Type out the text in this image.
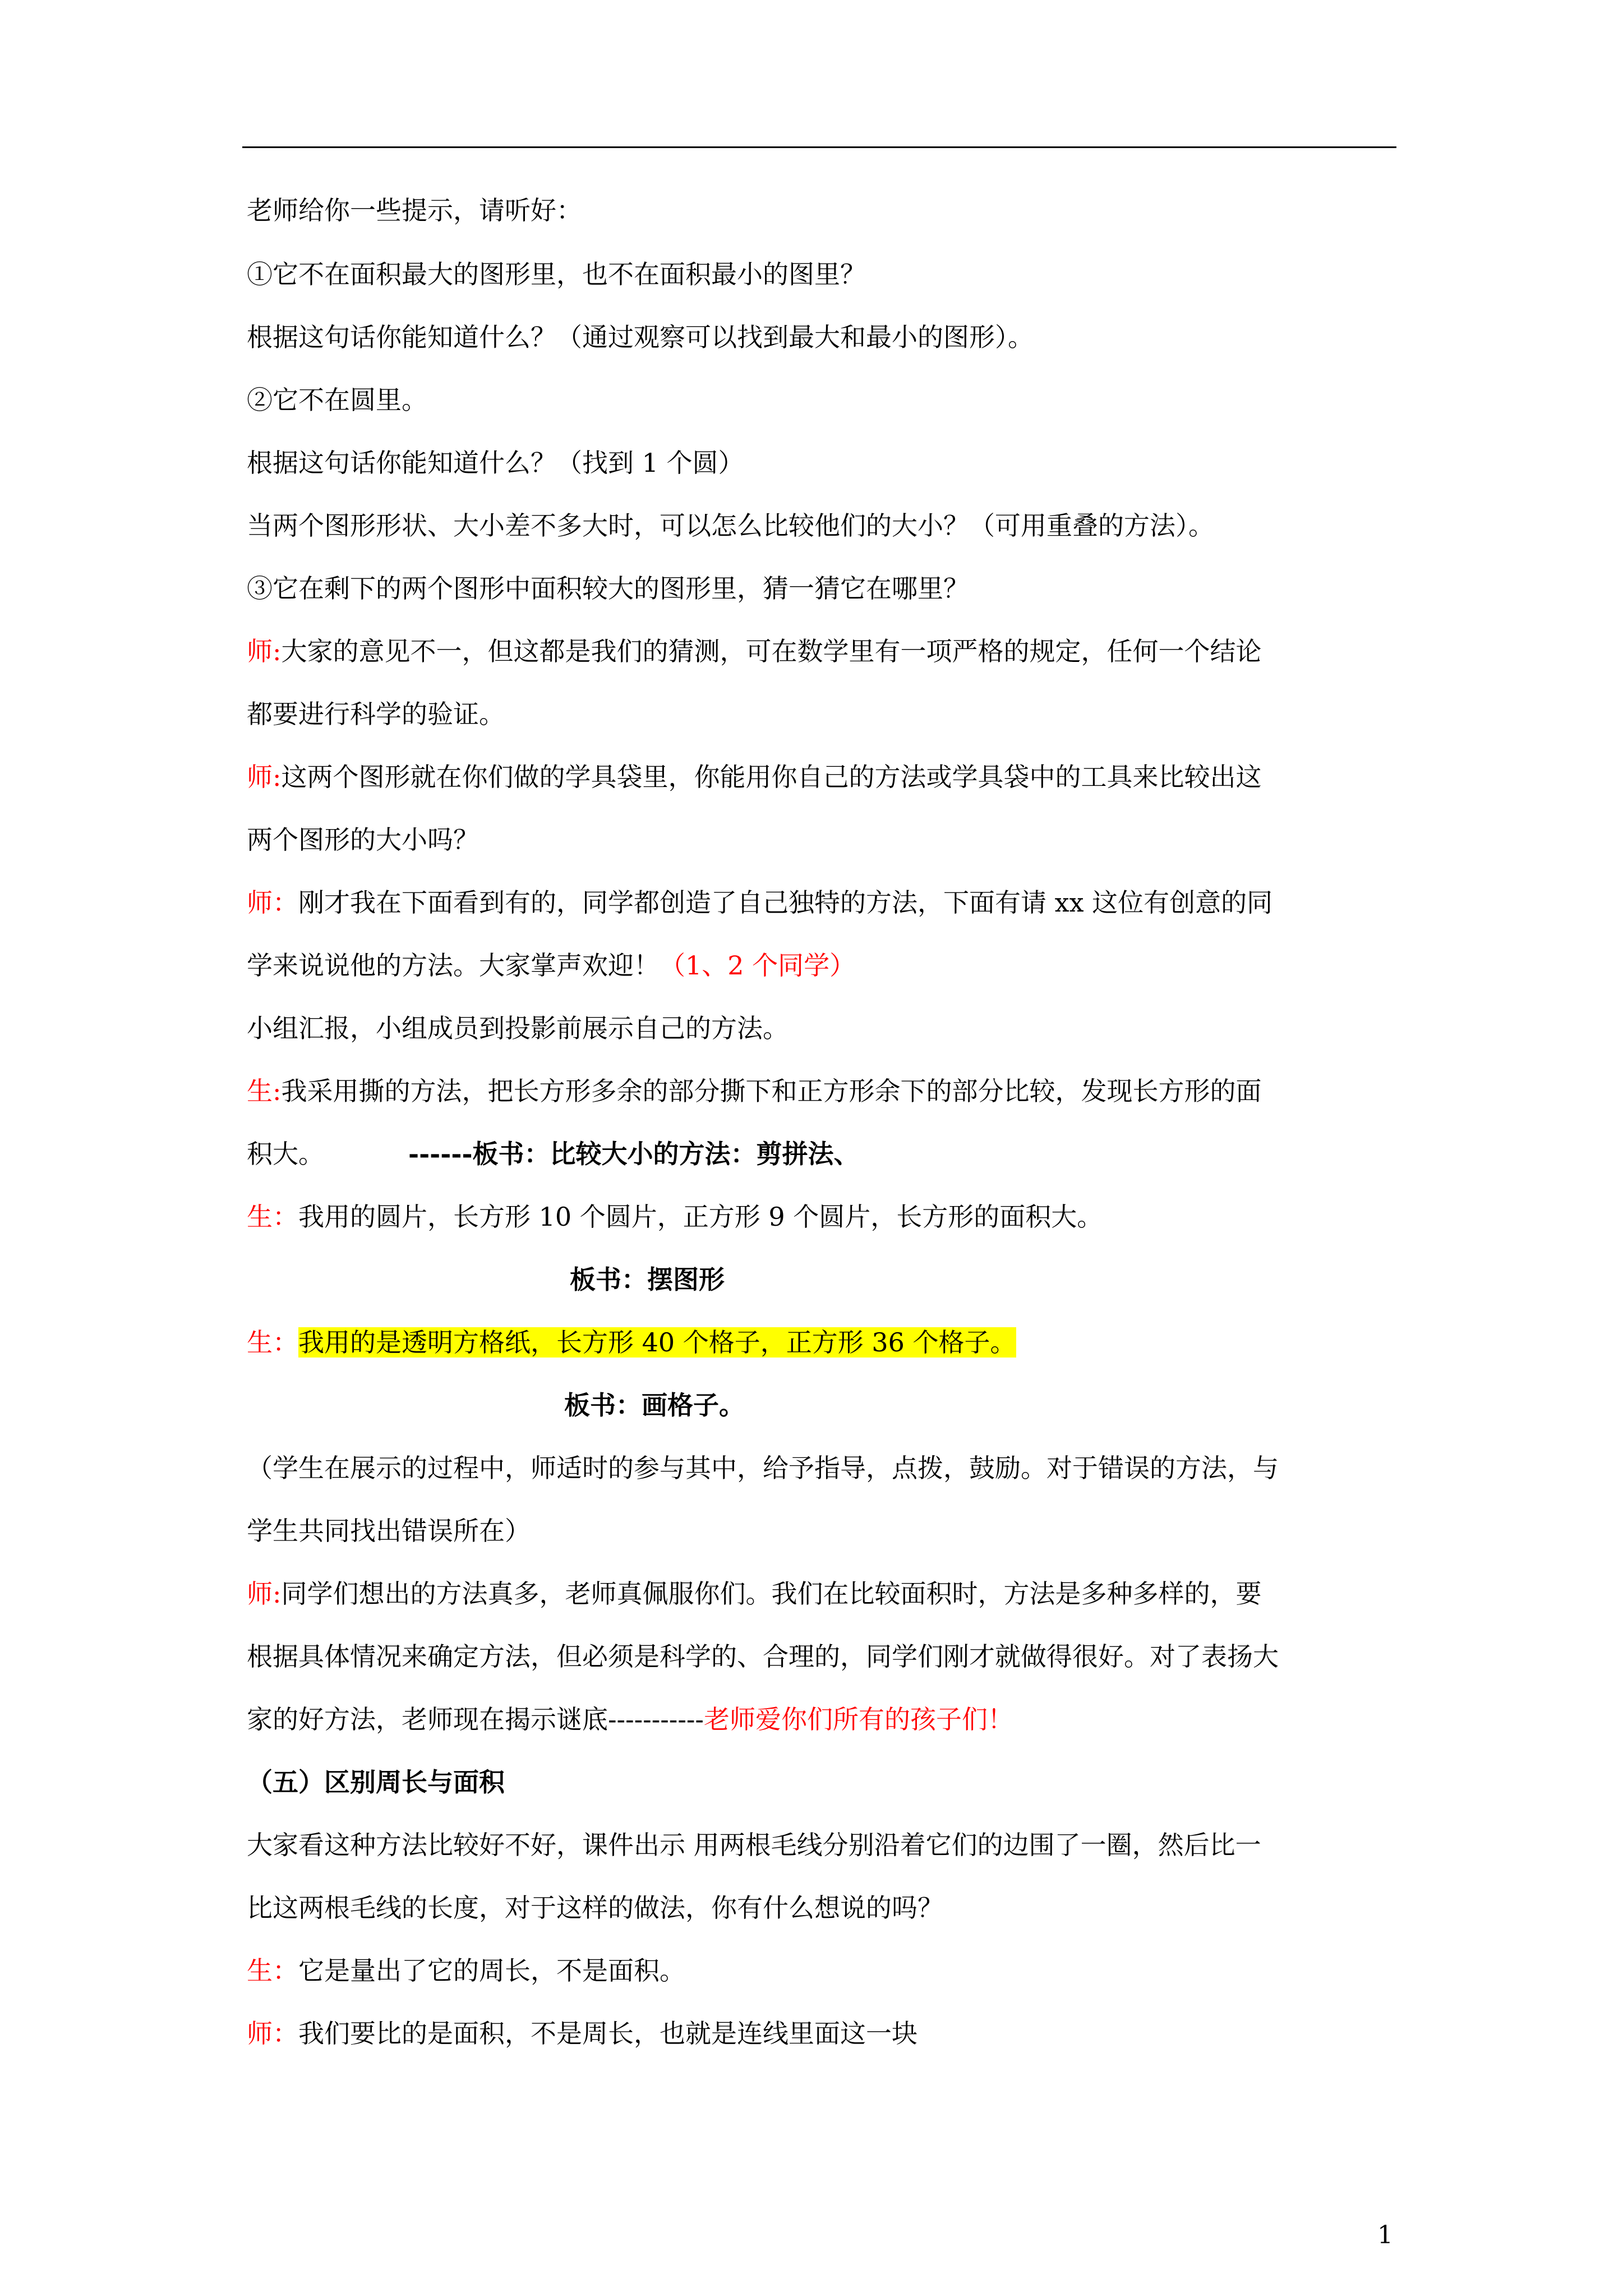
老师给你一些提示，请听好：
①它不在面积最大的图形里，也不在面积最小的图里？
根据这句话你能知道什么？（通过观察可以找到最大和最小的图形）。
②它不在圆里。
根据这句话你能知道什么？（找到 1 个圆）
当两个图形形状、大小差不多大时，可以怎么比较他们的大小？（可用重叠的方法）。
③它在剩下的两个图形中面积较大的图形里，猜一猜它在哪里？
师:大家的意见不一，但这都是我们的猜测，可在数学里有一项严格的规定，任何一个结论
都要进行科学的验证。
师:这两个图形就在你们做的学具袋里，你能用你自己的方法或学具袋中的工具来比较出这
两个图形的大小吗？
师：刚才我在下面看到有的，同学都创造了自己独特的方法，下面有请 xx 这位有创意的同
学来说说他的方法。大家掌声欢迎！（1、2 个同学）
小组汇报，小组成员到投影前展示自己的方法。
生:我采用撕的方法，把长方形多余的部分撕下和正方形余下的部分比较，发现长方形的面
积大。	------板书：比较大小的方法：剪拼法、
生：我用的圆片，长方形 10 个圆片，正方形 9 个圆片，长方形的面积大。
板书：摆图形
生：我用的是透明方格纸，长方形 40 个格子，正方形 36 个格子。
板书：画格子。
（学生在展示的过程中，师适时的参与其中，给予指导，点拨，鼓励。对于错误的方法，与
学生共同找出错误所在）
师:同学们想出的方法真多，老师真佩服你们。我们在比较面积时，方法是多种多样的，要
根据具体情况来确定方法，但必须是科学的、合理的，同学们刚才就做得很好。对了表扬大
家的好方法，老师现在揭示谜底-----------老师爱你们所有的孩子们！
（五）区别周长与面积
大家看这种方法比较好不好，课件出示 用两根毛线分别沿着它们的边围了一圈，然后比一
比这两根毛线的长度，对于这样的做法，你有什么想说的吗？
生：它是量出了它的周长，不是面积。
师：我们要比的是面积，不是周长，也就是连线里面这一块
1
